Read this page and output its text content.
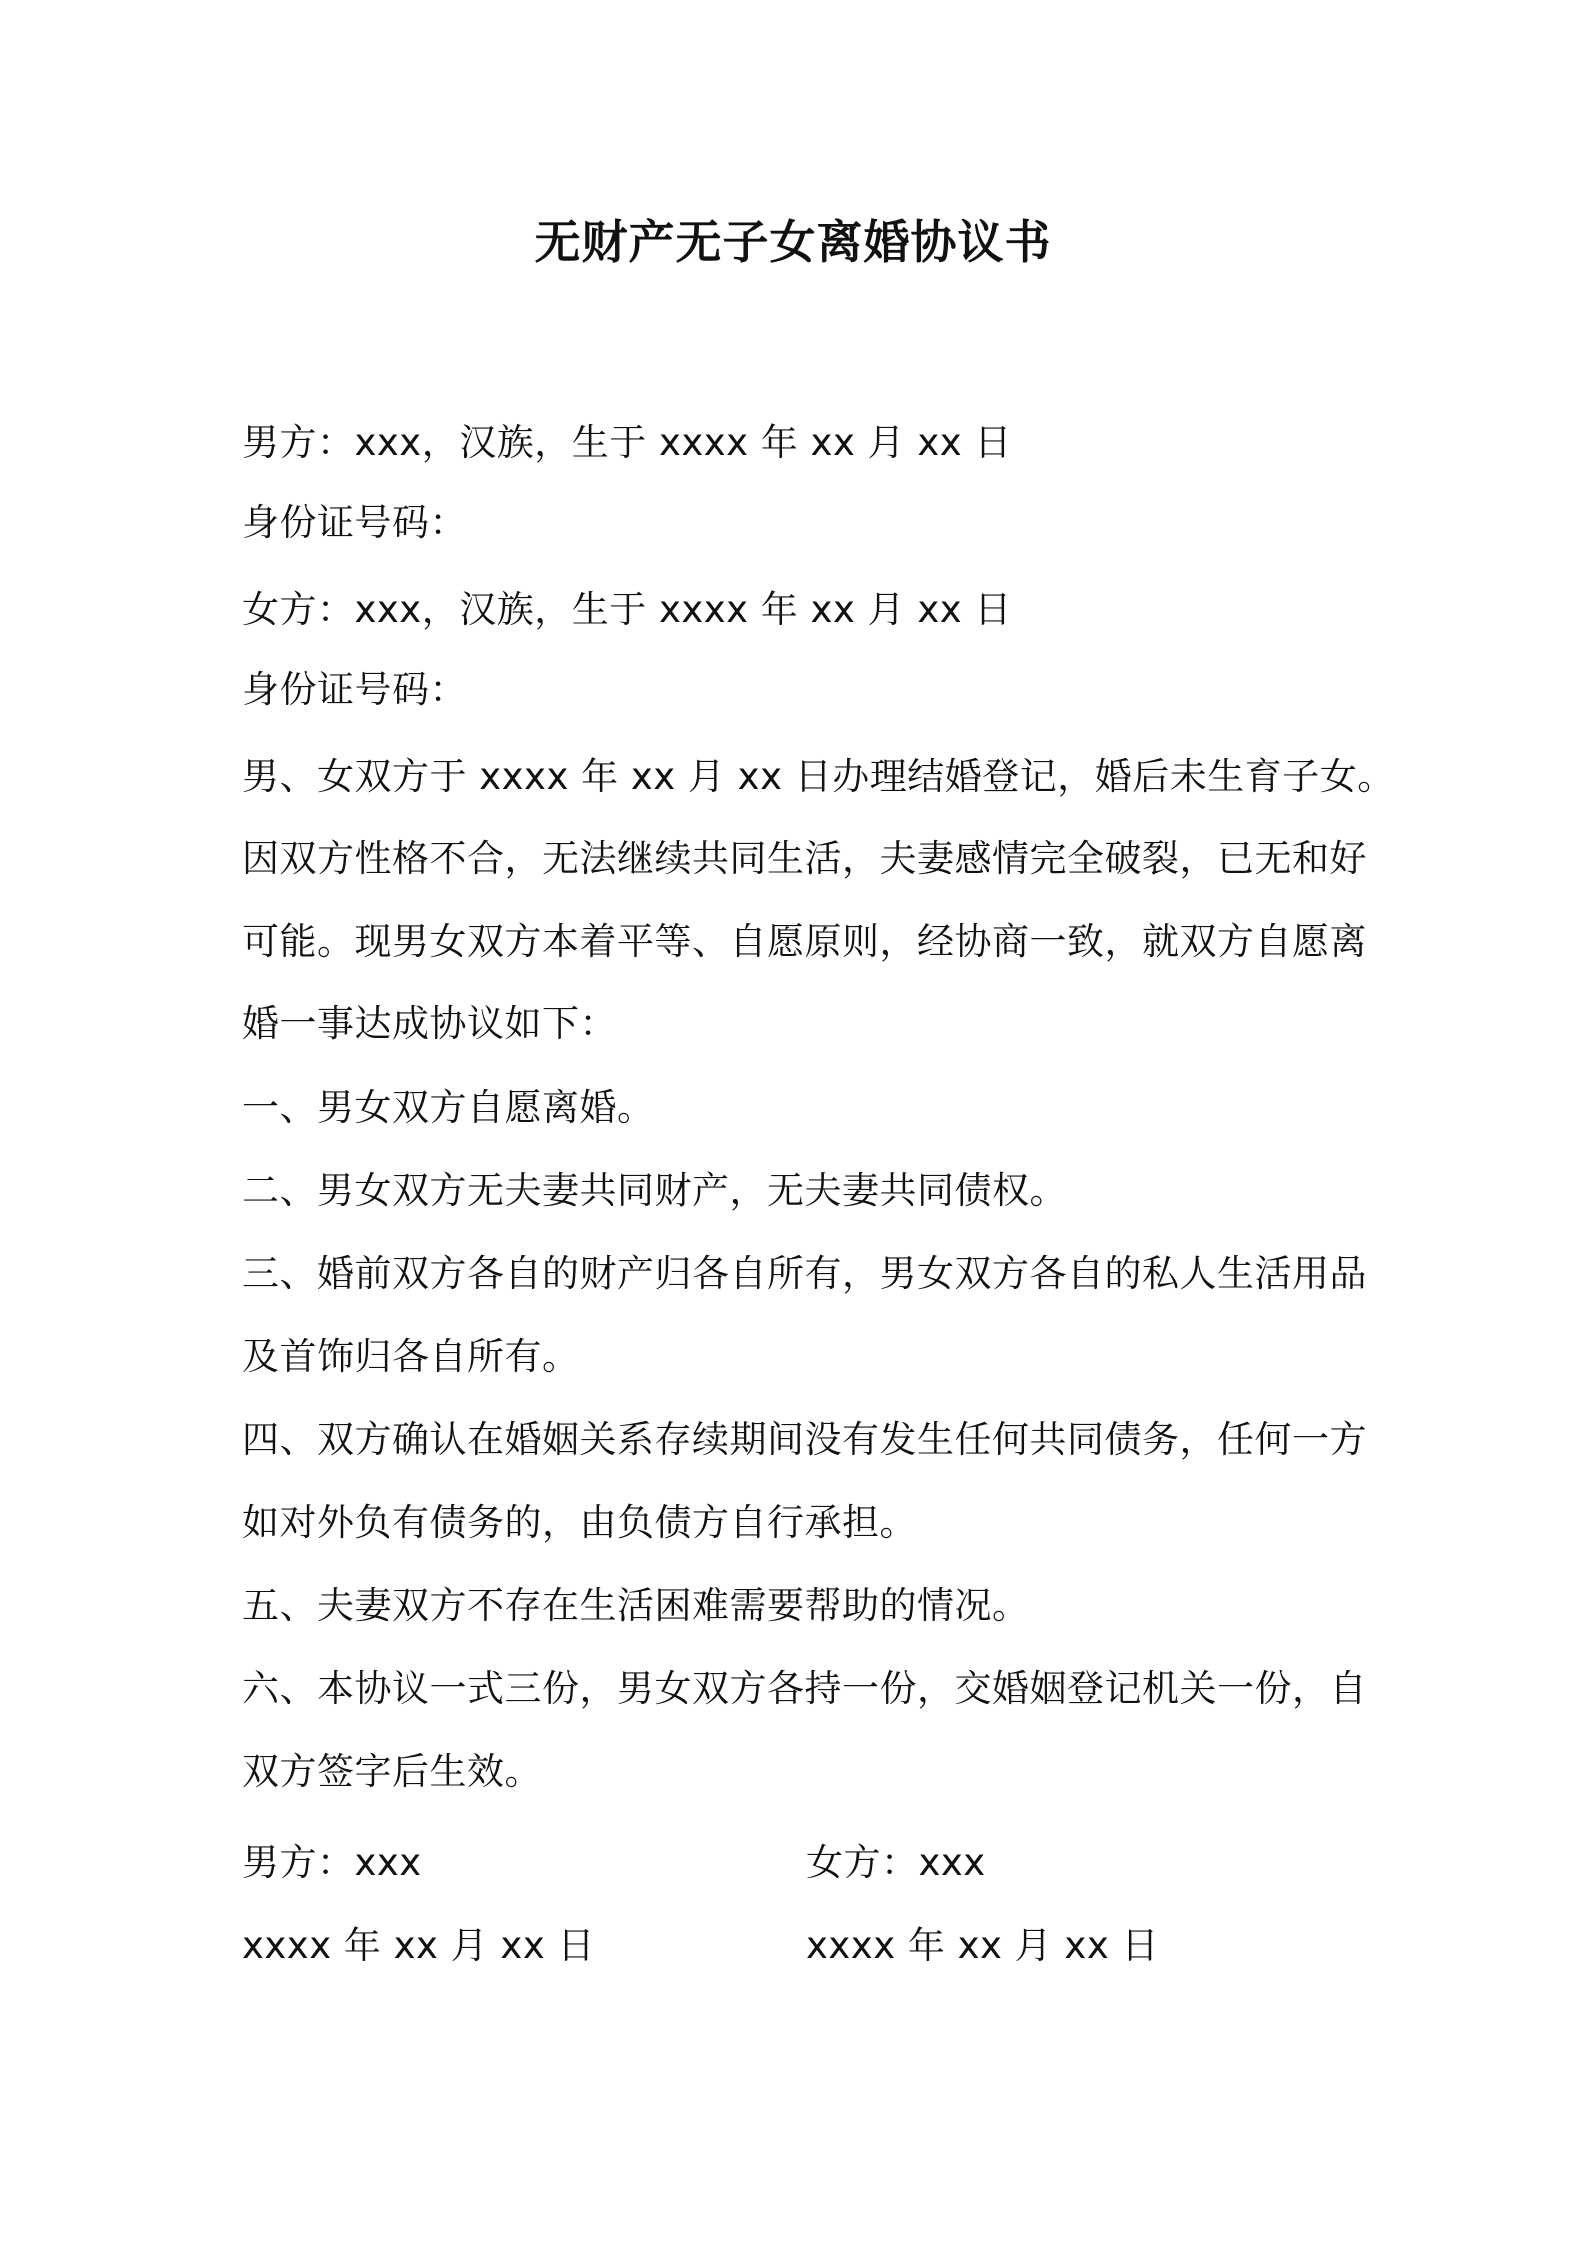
无财产无子女离婚协议书
男方：xxx，汉族，生于 xxxx 年 xx 月 xx 日
身份证号码：
女方：xxx，汉族，生于 xxxx 年 xx 月 xx 日
身份证号码：
男、女双方于 xxxx 年 xx 月 xx 日办理结婚登记，婚后未生育子女。
因双方性格不合，无法继续共同生活，夫妻感情完全破裂，已无和好
可能。现男女双方本着平等、自愿原则，经协商一致，就双方自愿离
婚一事达成协议如下：
一、男女双方自愿离婚。
二、男女双方无夫妻共同财产，无夫妻共同债权。
三、婚前双方各自的财产归各自所有，男女双方各自的私人生活用品
及首饰归各自所有。
四、双方确认在婚姻关系存续期间没有发生任何共同债务，任何一方
如对外负有债务的，由负债方自行承担。
五、夫妻双方不存在生活困难需要帮助的情况。
六、本协议一式三份，男女双方各持一份，交婚姻登记机关一份，自
双方签字后生效。
男方：xxx	女方：xxx
xxxx 年 xx 月 xx 日	xxxx 年 xx 月 xx 日
